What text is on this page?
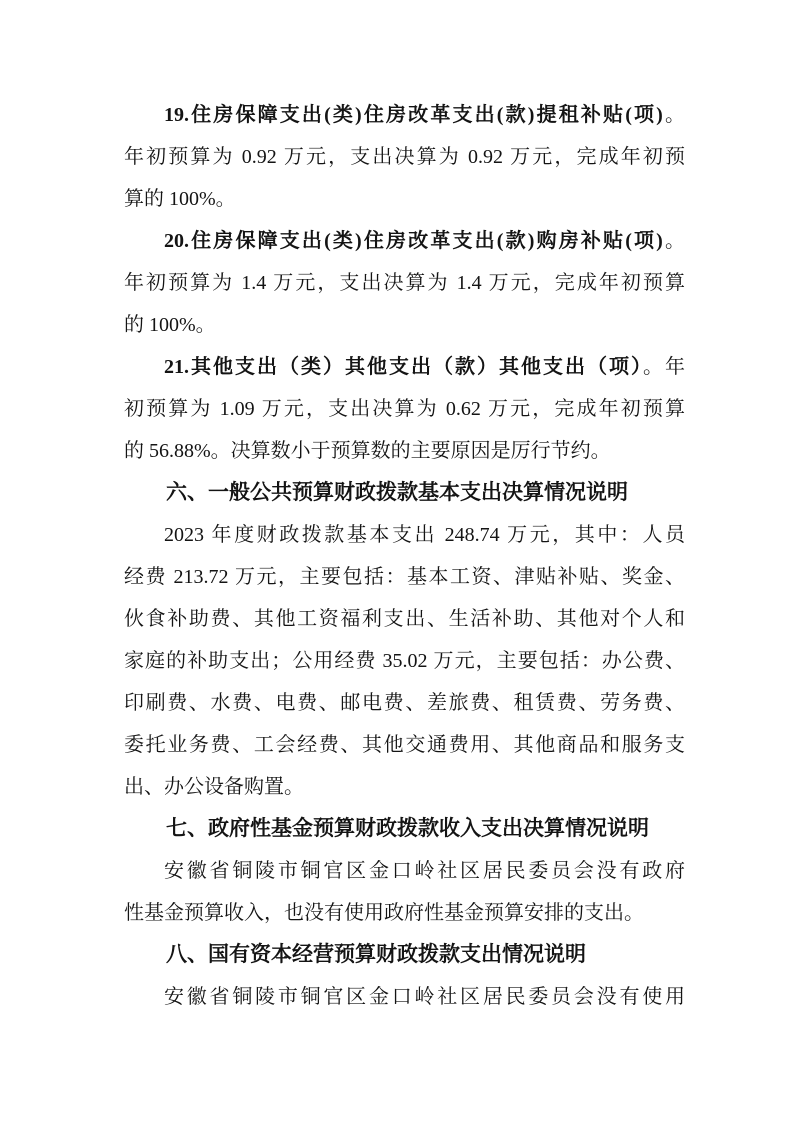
19.住房保障支出(类)住房改革支出(款)提租补贴(项)。
年初预算为 0.92 万元，支出决算为 0.92 万元，完成年初预
算的 100%。
20.住房保障支出(类)住房改革支出(款)购房补贴(项)。
年初预算为 1.4 万元，支出决算为 1.4 万元，完成年初预算
的 100%。
21.其他支出（类）其他支出（款）其他支出（项）。年
初预算为 1.09 万元，支出决算为 0.62 万元，完成年初预算
的 56.88%。决算数小于预算数的主要原因是厉行节约。
六、一般公共预算财政拨款基本支出决算情况说明
2023 年度财政拨款基本支出 248.74 万元，其中：人员
经费 213.72 万元，主要包括：基本工资、津贴补贴、奖金、
伙食补助费、其他工资福利支出、生活补助、其他对个人和
家庭的补助支出；公用经费 35.02 万元，主要包括：办公费、
印刷费、水费、电费、邮电费、差旅费、租赁费、劳务费、
委托业务费、工会经费、其他交通费用、其他商品和服务支
出、办公设备购置。
七、政府性基金预算财政拨款收入支出决算情况说明
安徽省铜陵市铜官区金口岭社区居民委员会没有政府
性基金预算收入，也没有使用政府性基金预算安排的支出。
八、国有资本经营预算财政拨款支出情况说明
安徽省铜陵市铜官区金口岭社区居民委员会没有使用
